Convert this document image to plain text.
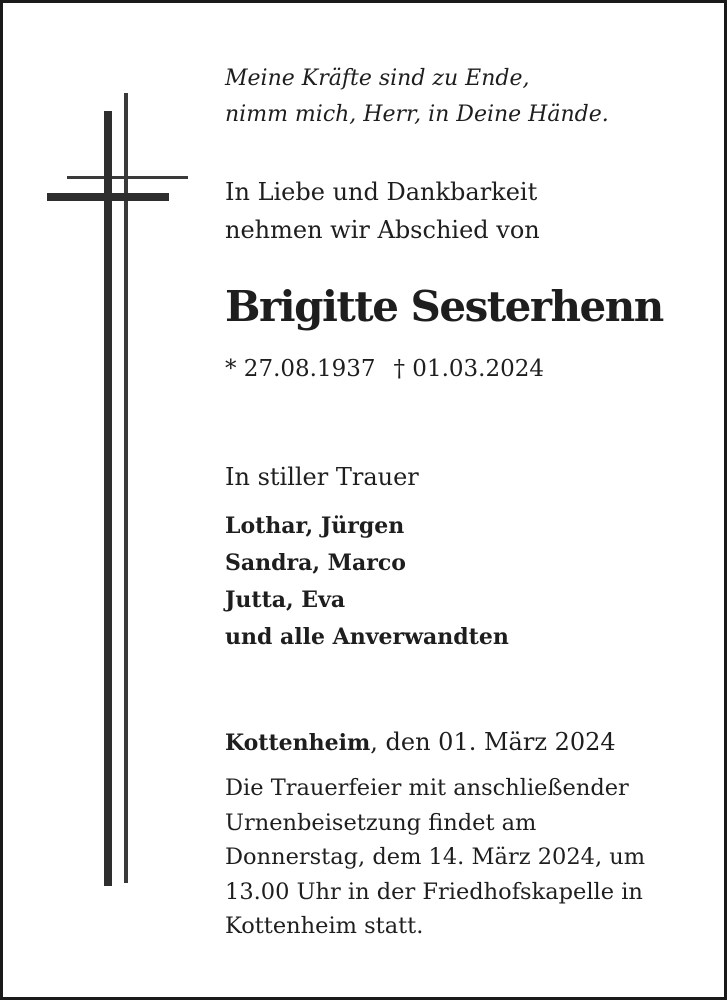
Meine Kräfte sind zu Ende,
nimm mich, Herr, in Deine Hände.
In Liebe und Dankbarkeit
nehmen wir Abschied von
Brigitte Sesterhenn
* 27.08.1937 † 01.03.2024
In stiller Trauer
Lothar, Jürgen
Sandra, Marco
Jutta, Eva
und alle Anverwandten
Kottenheim, den 01. März 2024
Die Trauerfeier mit anschließender
Urnenbeisetzung findet am
Donnerstag, dem 14. März 2024, um
13.00 Uhr in der Friedhofskapelle in
Kottenheim statt.
